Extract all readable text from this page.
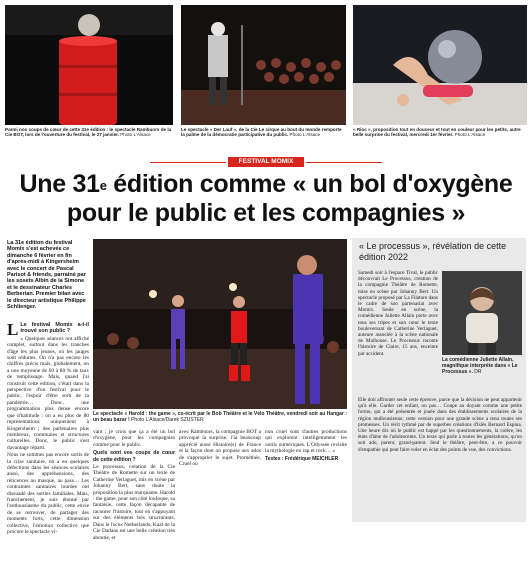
Parmi nos coups de cœur de cette 31e édition : le spectacle Rambuors de la Cie BOT, lors de l'ouverture du festival, le 27 janvier. Photo L'Alsace
Le spectacle « Der Lauf », de la Cie Le cirque au bout du monde remporte la palme de la démocratie participative du public. Photo L'Alsace
« Rioc », proposition tout en douceur et tout en couleur pour les petits, autre belle surprise du festival, mercredi 1er février. Photo L'Alsace
FESTIVAL MOMIX
Une 31e édition comme « un bol d'oxygène
pour le public et les compagnies »
La 31e édition du festival Momix s'est achevée ce dimanche 6 février en fin d'après-midi à Kingersheim avec le concert de Pascal Parisot & friends, parrainé par les sosets Albin de la Simone et le dessinateur Charles Berberian. Premier bilan avec le directeur artistique Philippe Schlienger.

L Le festival Momix a-t-il trouvé son public ?

« Quelques séances ont affiché complet, surtout dans les tranches d'âge les plus jeunes, où les jauges sont réduites. On n'a pas encore les chiffres précis mais, globalement, on a une moyenne de 60 à 80 % de taux de remplissage. Mais, quand j'ai construit cette édition, c'était dans la perspective d'un festival pour le public, l'espoir d'être sorti de la pandémie… Donc, une programmation plus dense encore que d'habitude : on a eu plus de 80 représentations uniquement à Kingersheim ; des partenaires plus nombreux, communes et structures culturelles. Donc, le public s'est davantage réparti.

Nous ne sommes pas encore sortis de la crise sanitaire, on a eu quelques défections dans les séances scolaires aussi, des appréhensions, des réticences au masque, au pass… Les contraintes sanitaires lourdes ont dissuadé des sorties familiales. Mais, franchement, je suis étonné par l'enthousiasme du public, cette envie de se retrouver, de partager des moments forts, cette dimension collective, l'émotion collective que procure le spectacle vi-

Le spectacle « Harold : the game », co-écrit par le Bob Théâtre et le Vélo Théâtre, vendredi soir au Hangar : un beau bazar ! Photo L'Alsace/Darek SZUSTER

vant ; je crois que ça a été un bol d'oxygène, pour les compagnies comme pour le public.

Quels sont vos coups de cœur de cette édition ?

Le processus, création de la Cie Théâtre de Romette sur un texte de Catherine Verlaguet, mis en scène par Johanny Bert, sans doute la proposition la plus marquante. Harold : the game, pour son côté loufoque, sa fantaisie, cette façon décapante de raconter l'histoire, tout en s'appuyant sur des éléments très structurants. Dans le focus Netherlands, Kaat de la Cie Dadans est une belle création très aboutie, et

avec Rambuors, la compagnie BOT a provoqué la surprise. J'ai beaucoup apprécié aussi Histoire(s) de France et la façon dont on propose aux ados de s'approprier le sujet. Prométhée, Cruel ou

non cruel sont d'autres productions qui explorent intelligemment les outils numériques. L'Odyssée revisite la mythologie en rap et rock… »

Textes : Frédérique MEICHLER

« Le processus », révélation de cette édition 2022
Samedi soir à l'espace Tival, le public découvrait Le Processus, création de la compagnie Théâtre de Romette, mise en scène par Johanny Bert. Un spectacle proposé par La Filature dans le cadre de son partenariat avec Momix. Seule en scène, la comédienne Juliette Allain porte avec tous ses tripes et son cœur le texte bouleversant de Catherine Verlaguet, auteure associée à la scène nationale de Mulhouse. Le Processus raconte l'histoire de Claire, 15 ans, enceinte par accident.
La comédienne Juliette Allain, magnifique interprète dans « Le Processus ». DR
Elle doit affronter seule cette épreuve, parce que la décision ne peut appartenir qu'à elle. Garder cet enfant, ou pas… Coupe au doyant comme une petite forme, qui a été présentée et jouée dans des établissements scolaires de la région mulhousienne, cette version pour une grande scène a tenu toutes ses promesses. Un récit rythmé par de superbes créations d'Islés Bernard Espina. Une heure dix où le public est happé par les questionnements, la colère, les états d'âme de l'adolescente. Un texte qui parle à toutes les générations, qu'on soit ado, parent, grand-parent. Seul le théâtre, peut-être, a ce pouvoir d'empathie qui peut faire voler en éclat des points de vue, des convictions.
